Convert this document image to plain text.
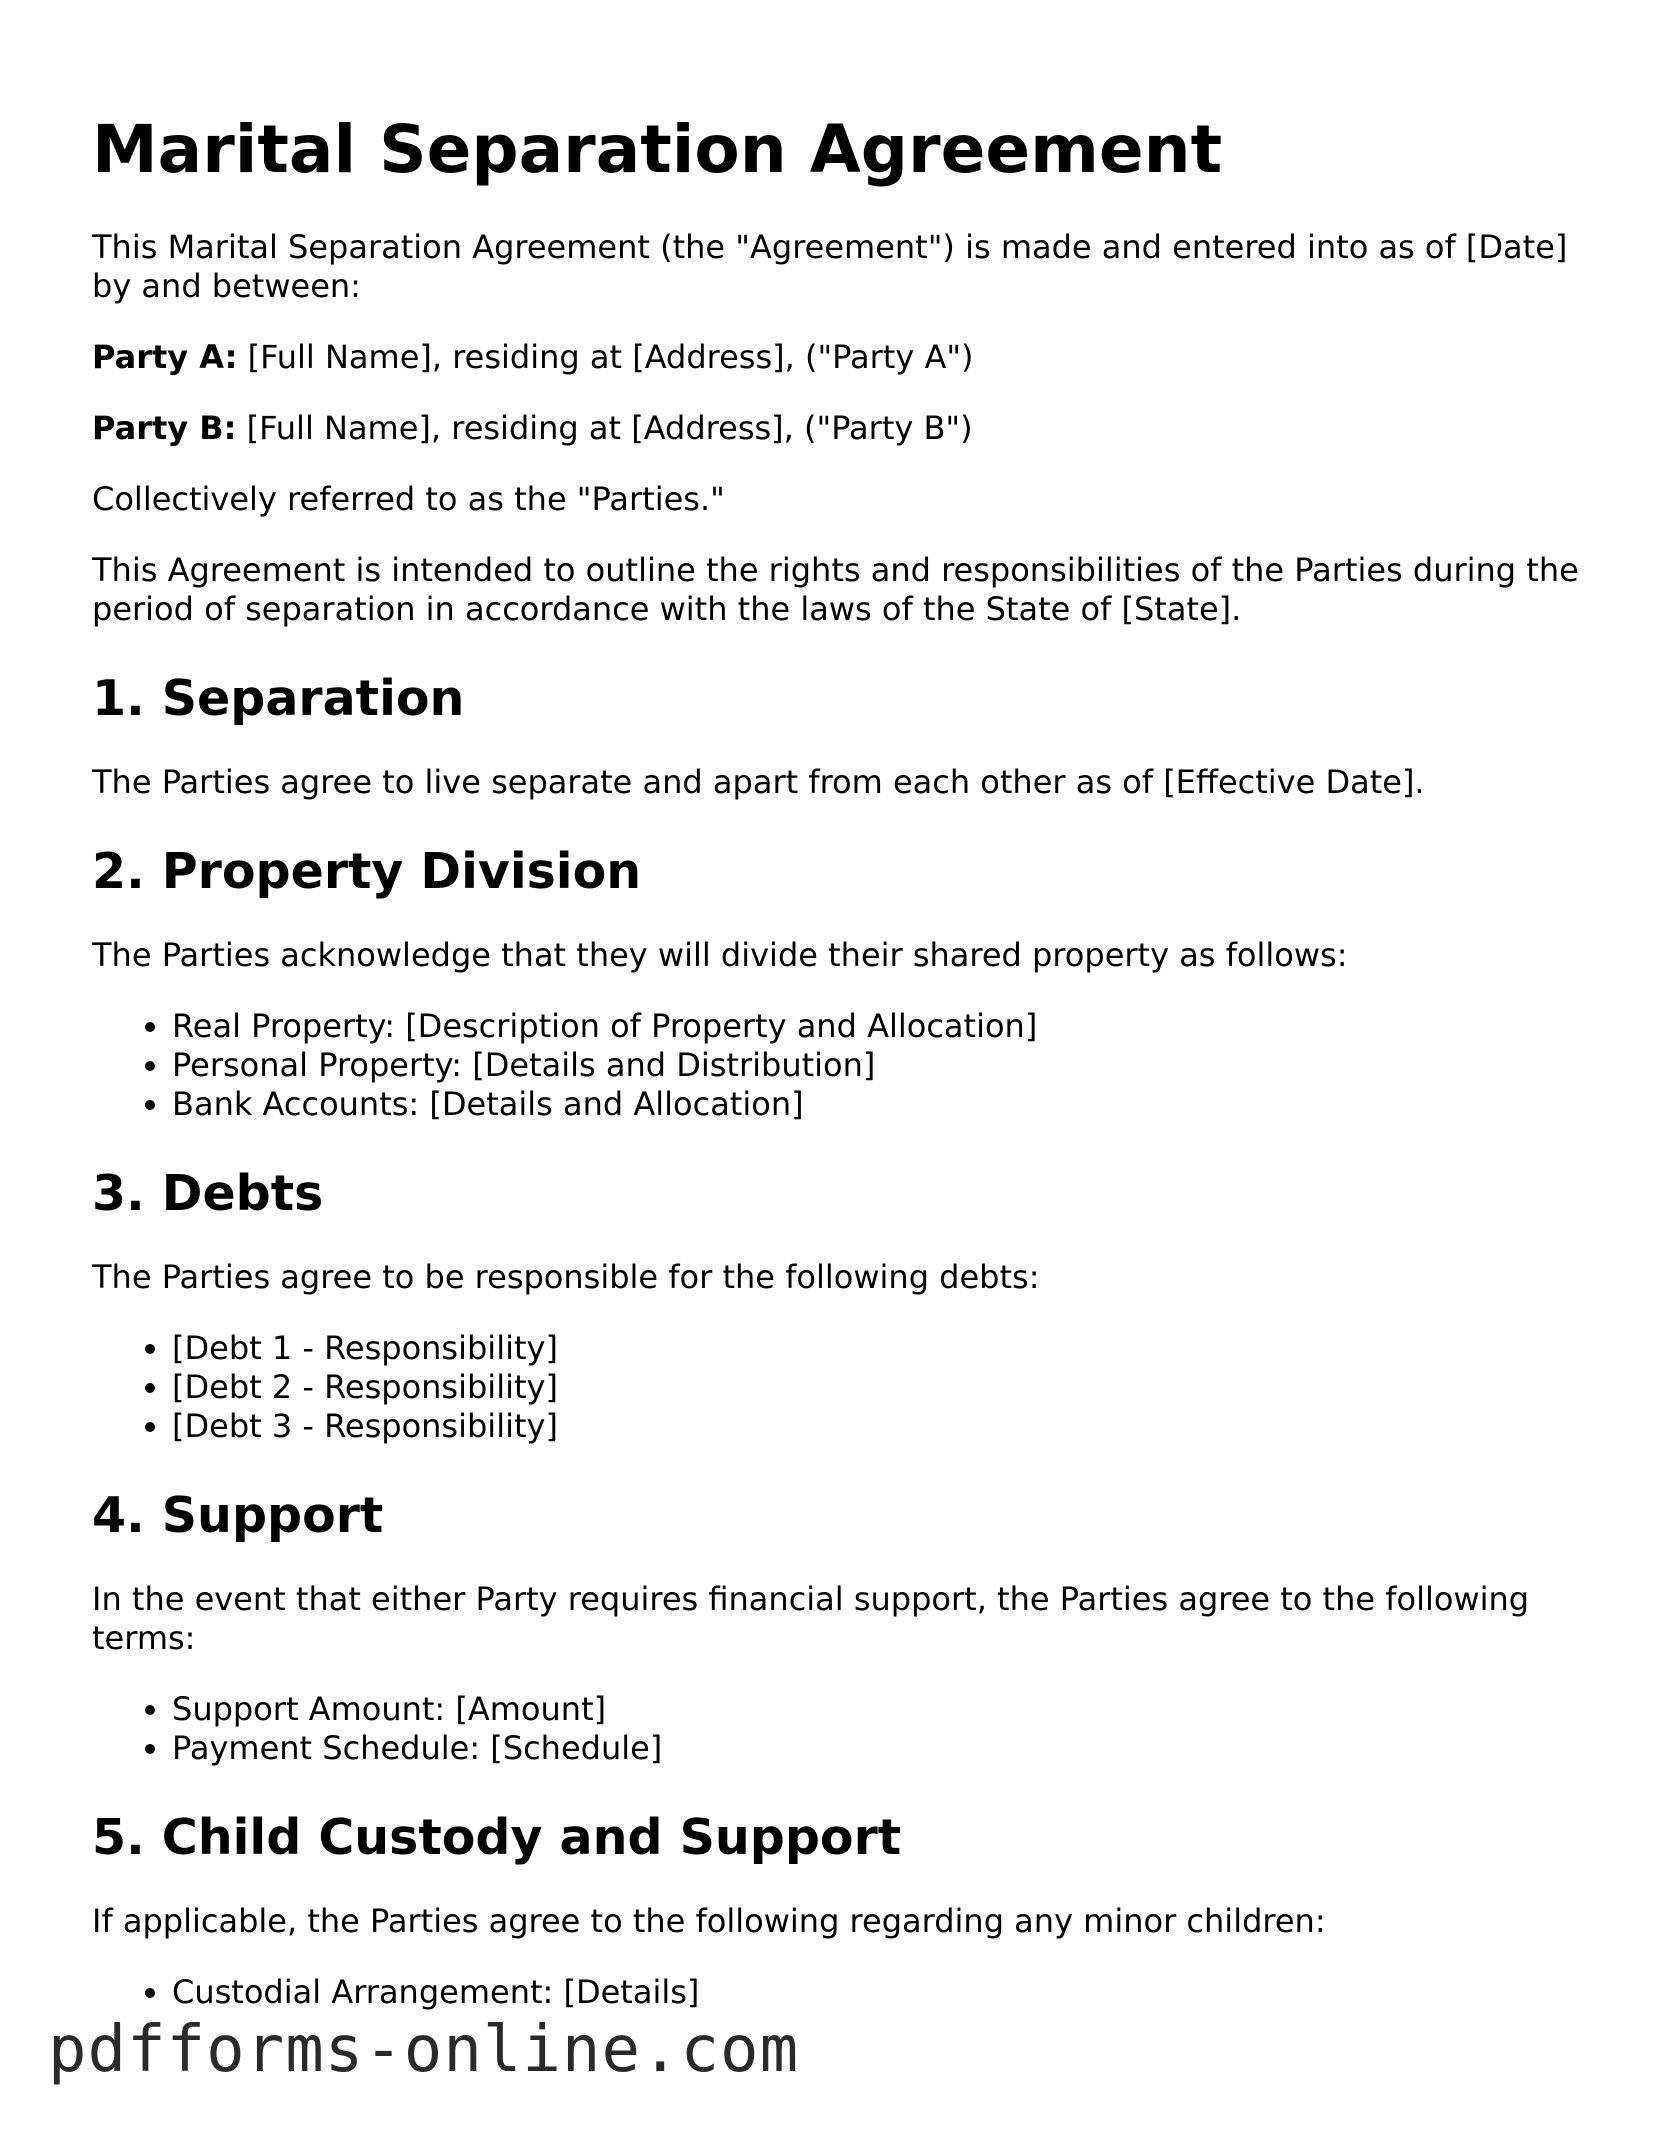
Marital Separation Agreement

This Marital Separation Agreement (the "Agreement") is made and entered into as of [Date] by and between:

Party A: [Full Name], residing at [Address], ("Party A")

Party B: [Full Name], residing at [Address], ("Party B")

Collectively referred to as the "Parties."

This Agreement is intended to outline the rights and responsibilities of the Parties during the period of separation in accordance with the laws of the State of [State].

1. Separation

The Parties agree to live separate and apart from each other as of [Effective Date].

2. Property Division

The Parties acknowledge that they will divide their shared property as follows:

• Real Property: [Description of Property and Allocation]
• Personal Property: [Details and Distribution]
• Bank Accounts: [Details and Allocation]
3. Debts

The Parties agree to be responsible for the following debts:

• [Debt 1 - Responsibility]
• [Debt 2 - Responsibility]
• [Debt 3 - Responsibility]
4. Support

In the event that either Party requires financial support, the Parties agree to the following terms:

• Support Amount: [Amount]
• Payment Schedule: [Schedule]
5. Child Custody and Support

If applicable, the Parties agree to the following regarding any minor children:

• Custodial Arrangement: [Details]
pdfforms-online.com
